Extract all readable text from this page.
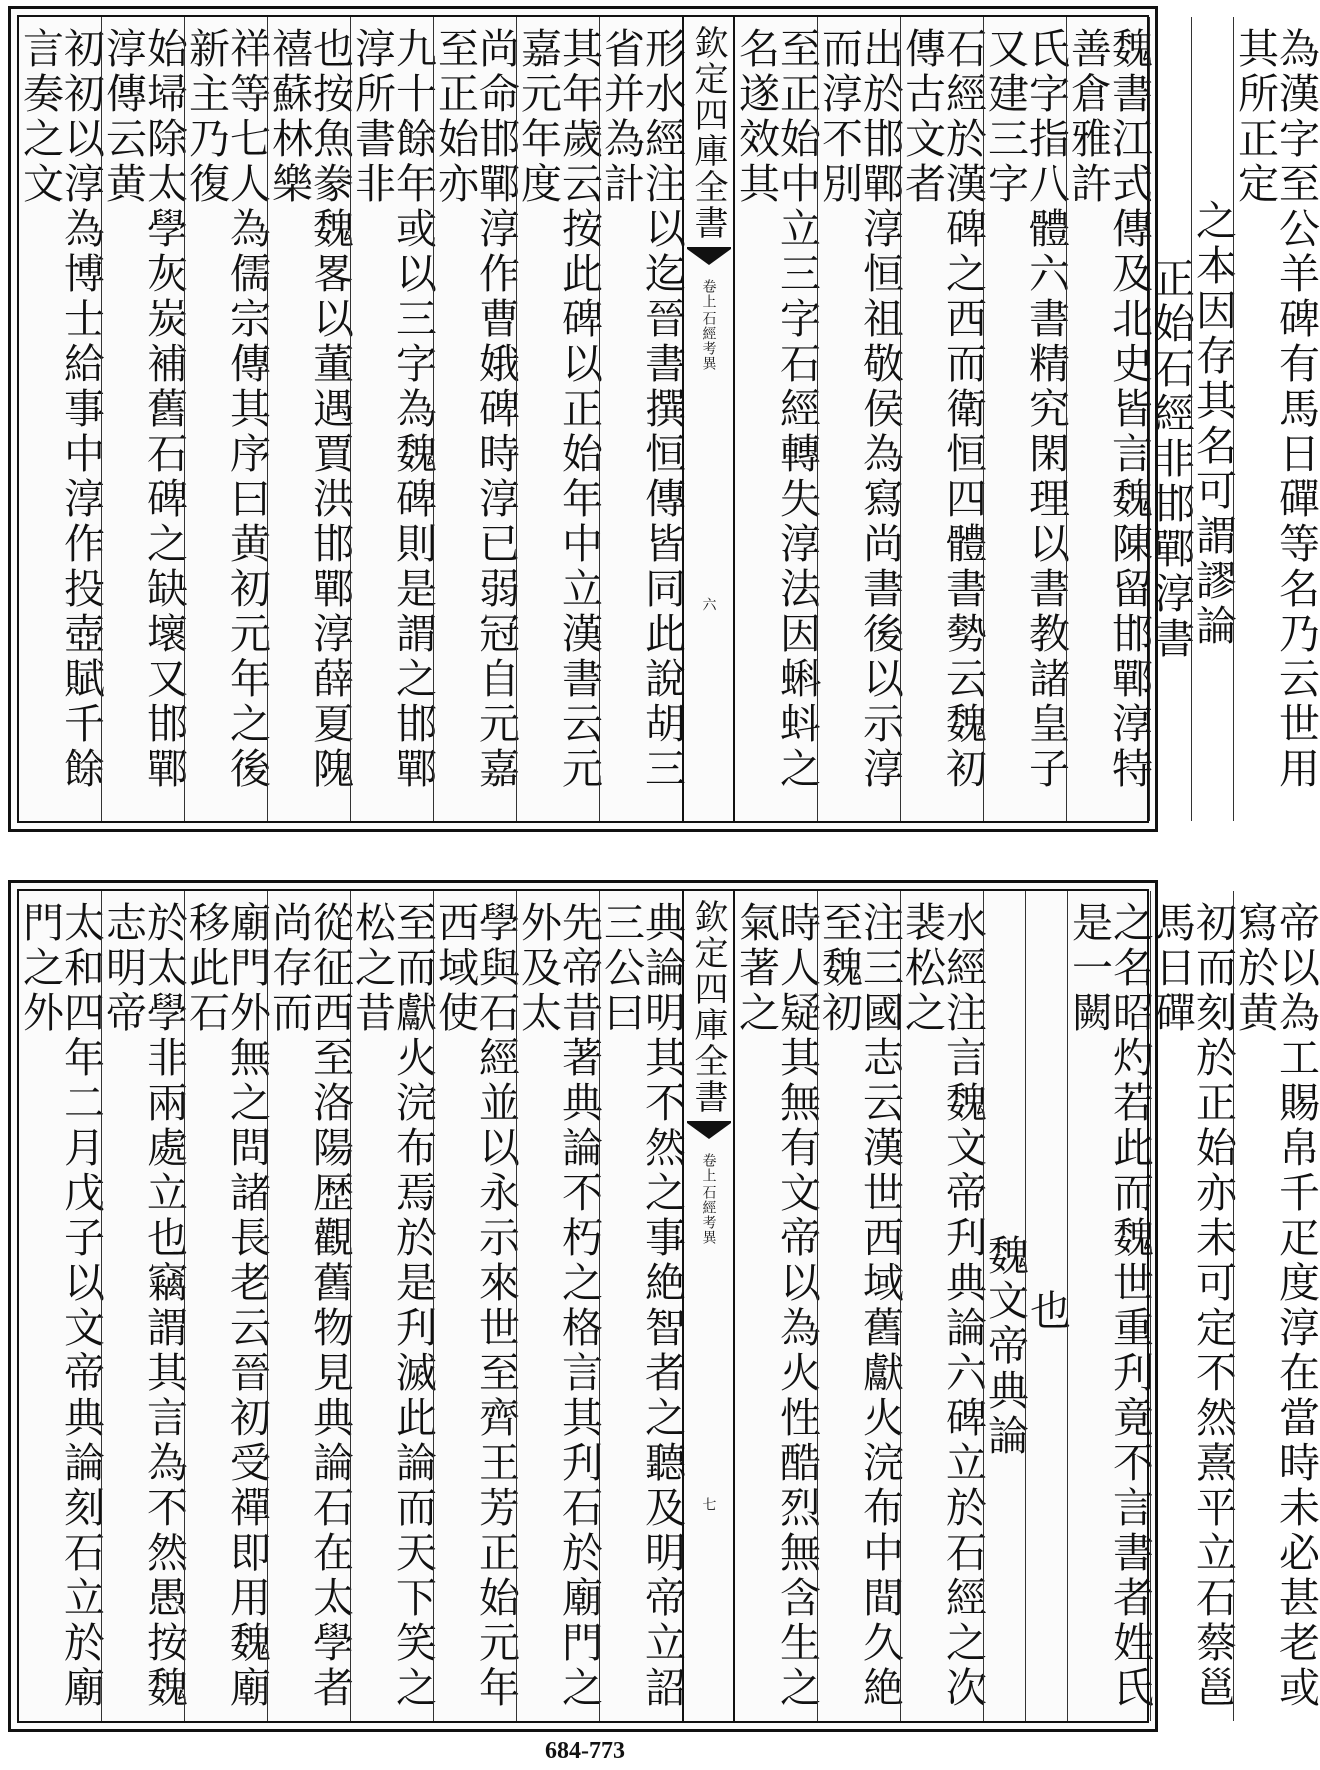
形水經注以迄晉書撰恒傳皆同此說胡三省并為計
其年歲云按此碑以正始年中立漢書云元嘉元年度
尚命邯鄲淳作曹娥碑時淳已弱冠自元嘉至正始亦
九十餘年或以三字為魏碑則是謂之邯鄲淳所書非
也按魚豢魏畧以董遇賈洪邯鄲淳薛夏隗禧蘇林樂
祥等七人為儒宗傳其序曰黄初元年之後新主乃復
始埽除太學灰炭補舊石碑之缺壞又邯鄲淳傳云黄
初初以淳為博士給事中淳作投壺賦千餘言奏之文	欽定四庫全書
石經考異
卷上
六	為漢字至公羊碑有馬日磾等名乃云世用其所正定
之本因存其名可謂謬論
正始石經非邯鄲淳書
魏書江式傳及北史皆言魏陳留邯鄲淳特善倉雅許
氏字指八體六書精究閑理以書教諸皇子又建三字
石經於漢碑之西而衛恒四體書勢云魏初傳古文者
出於邯鄲淳恒祖敬侯為寫尚書後以示淳而淳不別
至正始中立三字石經轉失淳法因蝌蚪之名遂效其
典論明其不然之事絶智者之聽及明帝立詔三公曰
先帝昔著典論不朽之格言其刋石於廟門之外及太
學與石經並以永示來世至齊王芳正始元年西域使
至而獻火浣布焉於是刋滅此論而天下笑之松之昔
從征西至洛陽歴觀舊物見典論石在太學者尚存而
廟門外無之問諸長老云晉初受禪即用魏廟移此石
於太學非兩處立也竊謂其言為不然愚按魏志明帝
太和四年二月戊子以文帝典論刻石立於廟門之外	欽定四庫全書
石經考異
卷上
七	帝以為工賜帛千疋度淳在當時未必甚老或寫於黄
初而刻於正始亦未可定不然熹平立石蔡邕馬日磾
之名昭灼若此而魏世重刋竟不言書者姓氏是一闕
也
魏文帝典論
水經注言魏文帝刋典論六碑立於石經之次裴松之
注三國志云漢世西域舊獻火浣布中間久絶至魏初
時人疑其無有文帝以為火性酷烈無含生之氣著之
684-773
